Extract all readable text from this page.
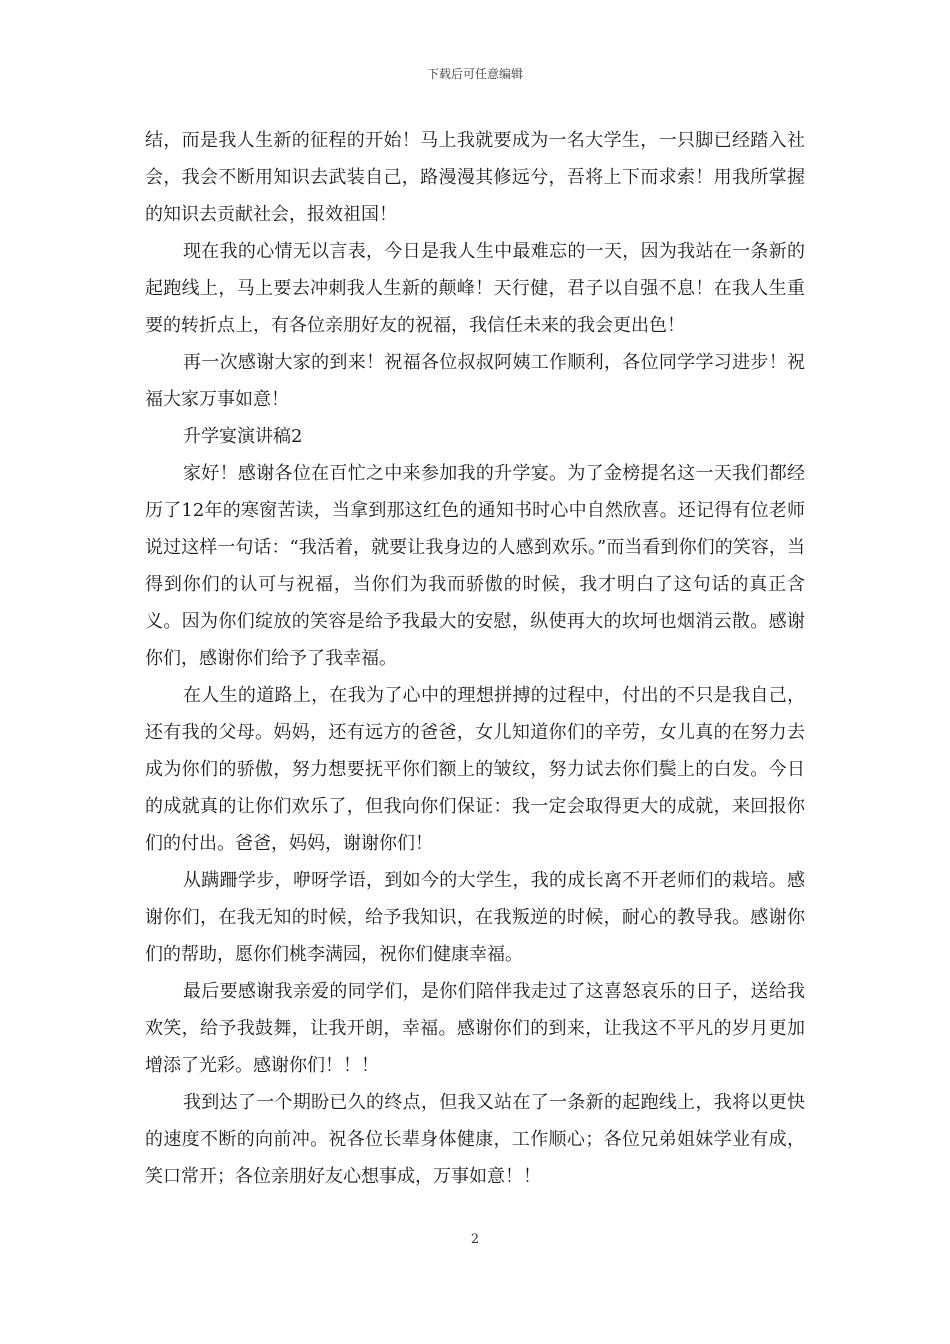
下载后可任意编辑

结，而是我人生新的征程的开始！马上我就要成为一名大学生，一只脚已经踏入社会，我会不断用知识去武装自己，路漫漫其修远兮，吾将上下而求索！用我所掌握的知识去贡献社会，报效祖国！

现在我的心情无以言表，今日是我人生中最难忘的一天，因为我站在一条新的起跑线上，马上要去冲刺我人生新的颠峰！天行健，君子以自强不息！在我人生重要的转折点上，有各位亲朋好友的祝福，我信任未来的我会更出色！

再一次感谢大家的到来！祝福各位叔叔阿姨工作顺利，各位同学学习进步！祝福大家万事如意！

升学宴演讲稿2

家好！感谢各位在百忙之中来参加我的升学宴。为了金榜提名这一天我们都经历了12年的寒窗苦读，当拿到那这红色的通知书时心中自然欣喜。还记得有位老师说过这样一句话：“我活着，就要让我身边的人感到欢乐。”而当看到你们的笑容，当得到你们的认可与祝福，当你们为我而骄傲的时候，我才明白了这句话的真正含义。因为你们绽放的笑容是给予我最大的安慰，纵使再大的坎坷也烟消云散。感谢你们，感谢你们给予了我幸福。

在人生的道路上，在我为了心中的理想拼搏的过程中，付出的不只是我自己，还有我的父母。妈妈，还有远方的爸爸，女儿知道你们的辛劳，女儿真的在努力去成为你们的骄傲，努力想要抚平你们额上的皱纹，努力试去你们鬓上的白发。今日的成就真的让你们欢乐了，但我向你们保证：我一定会取得更大的成就，来回报你们的付出。爸爸，妈妈，谢谢你们！

从蹒跚学步，咿呀学语，到如今的大学生，我的成长离不开老师们的栽培。感谢你们，在我无知的时候，给予我知识，在我叛逆的时候，耐心的教导我。感谢你们的帮助，愿你们桃李满园，祝你们健康幸福。

最后要感谢我亲爱的同学们，是你们陪伴我走过了这喜怒哀乐的日子，送给我欢笑，给予我鼓舞，让我开朗，幸福。感谢你们的到来，让我这不平凡的岁月更加增添了光彩。感谢你们！！！

我到达了一个期盼已久的终点，但我又站在了一条新的起跑线上，我将以更快的速度不断的向前冲。祝各位长辈身体健康，工作顺心；各位兄弟姐妹学业有成，笑口常开；各位亲朋好友心想事成，万事如意！！

2
